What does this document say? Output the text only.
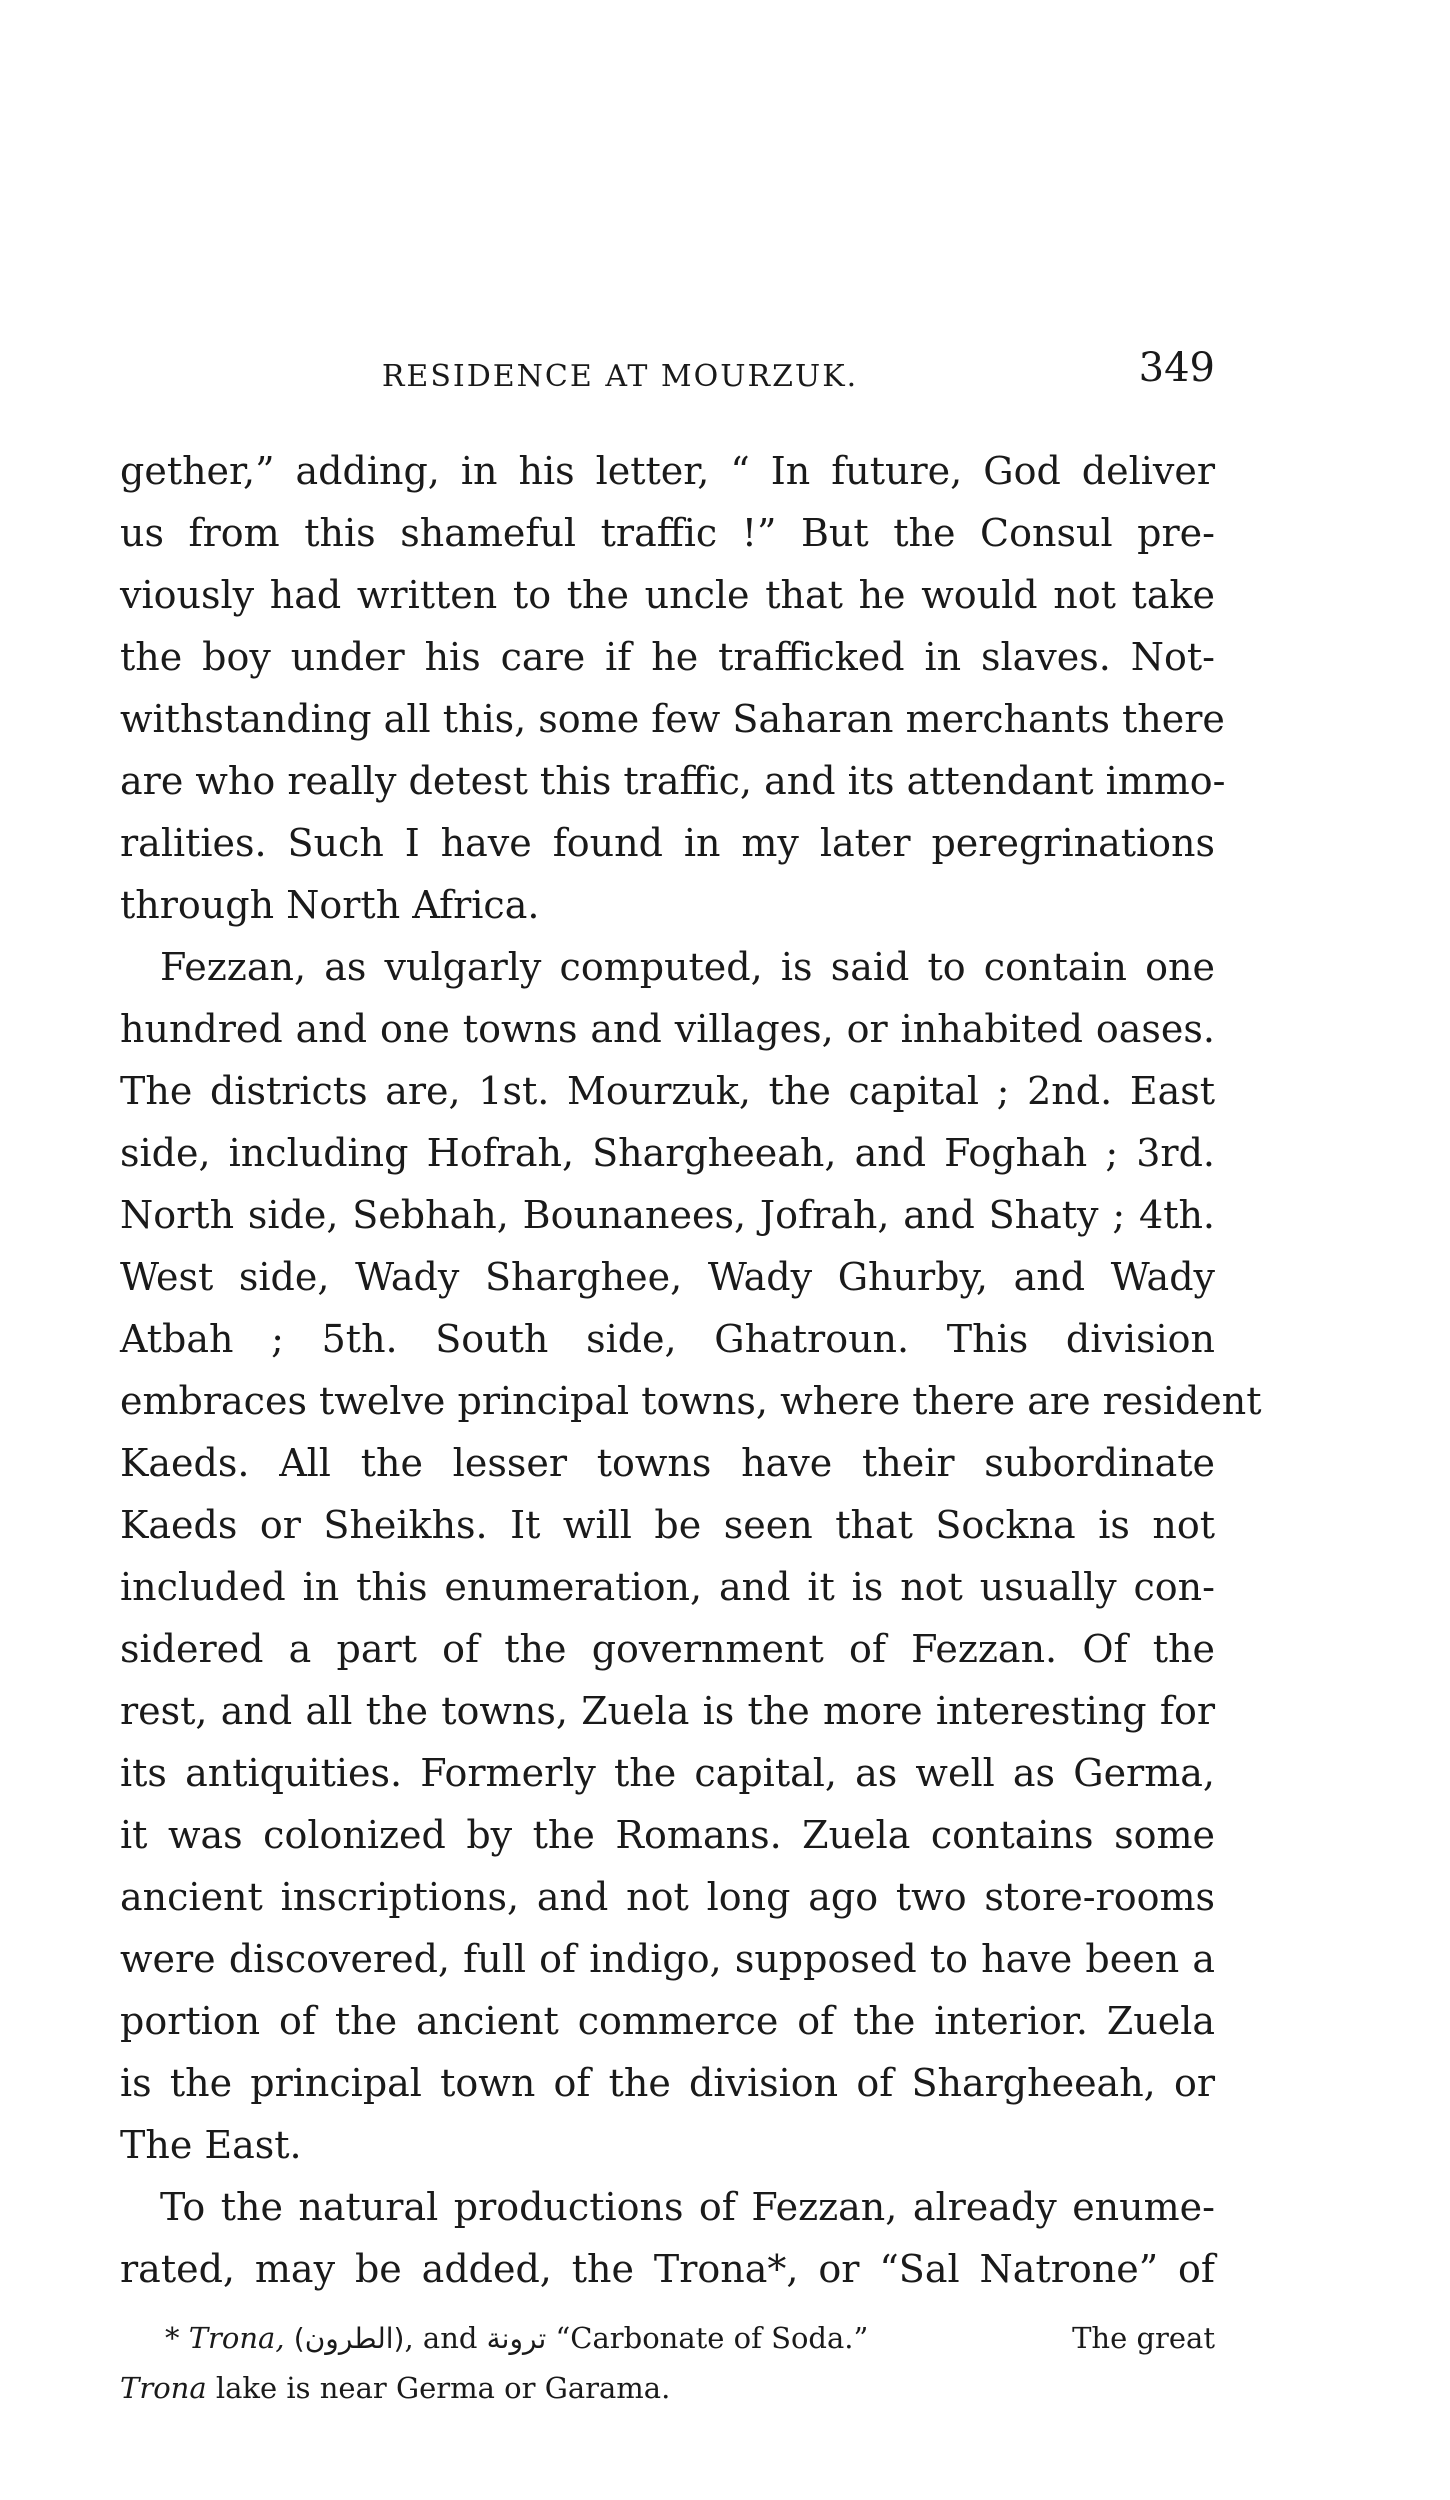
RESIDENCE AT MOURZUK.	349
gether,” adding, in his letter, “ In future, God deliver
us from this shameful traffic !” But the Consul pre-
viously had written to the uncle that he would not take
the boy under his care if he trafficked in slaves. Not-
withstanding all this, some few Saharan merchants there
are who really detest this traffic, and its attendant immo-
ralities. Such I have found in my later peregrinations
through North Africa.
Fezzan, as vulgarly computed, is said to contain one
hundred and one towns and villages, or inhabited oases.
The districts are, 1st. Mourzuk, the capital ; 2nd. East
side, including Hofrah, Shargheeah, and Foghah ; 3rd.
North side, Sebhah, Bounanees, Jofrah, and Shaty ; 4th.
West side, Wady Sharghee, Wady Ghurby, and Wady
Atbah ; 5th. South side, Ghatroun. This division
embraces twelve principal towns, where there are resident
Kaeds. All the lesser towns have their subordinate
Kaeds or Sheikhs. It will be seen that Sockna is not
included in this enumeration, and it is not usually con-
sidered a part of the government of Fezzan. Of the
rest, and all the towns, Zuela is the more interesting for
its antiquities. Formerly the capital, as well as Germa,
it was colonized by the Romans. Zuela contains some
ancient inscriptions, and not long ago two store-rooms
were discovered, full of indigo, supposed to have been a
portion of the ancient commerce of the interior. Zuela
is the principal town of the division of Shargheeah, or
The East.
To the natural productions of Fezzan, already enume-
rated, may be added, the Trona*, or “Sal Natrone” of
* Trona, (الطرون), and ترونة “Carbonate of Soda.”	The great
Trona lake is near Germa or Garama.
